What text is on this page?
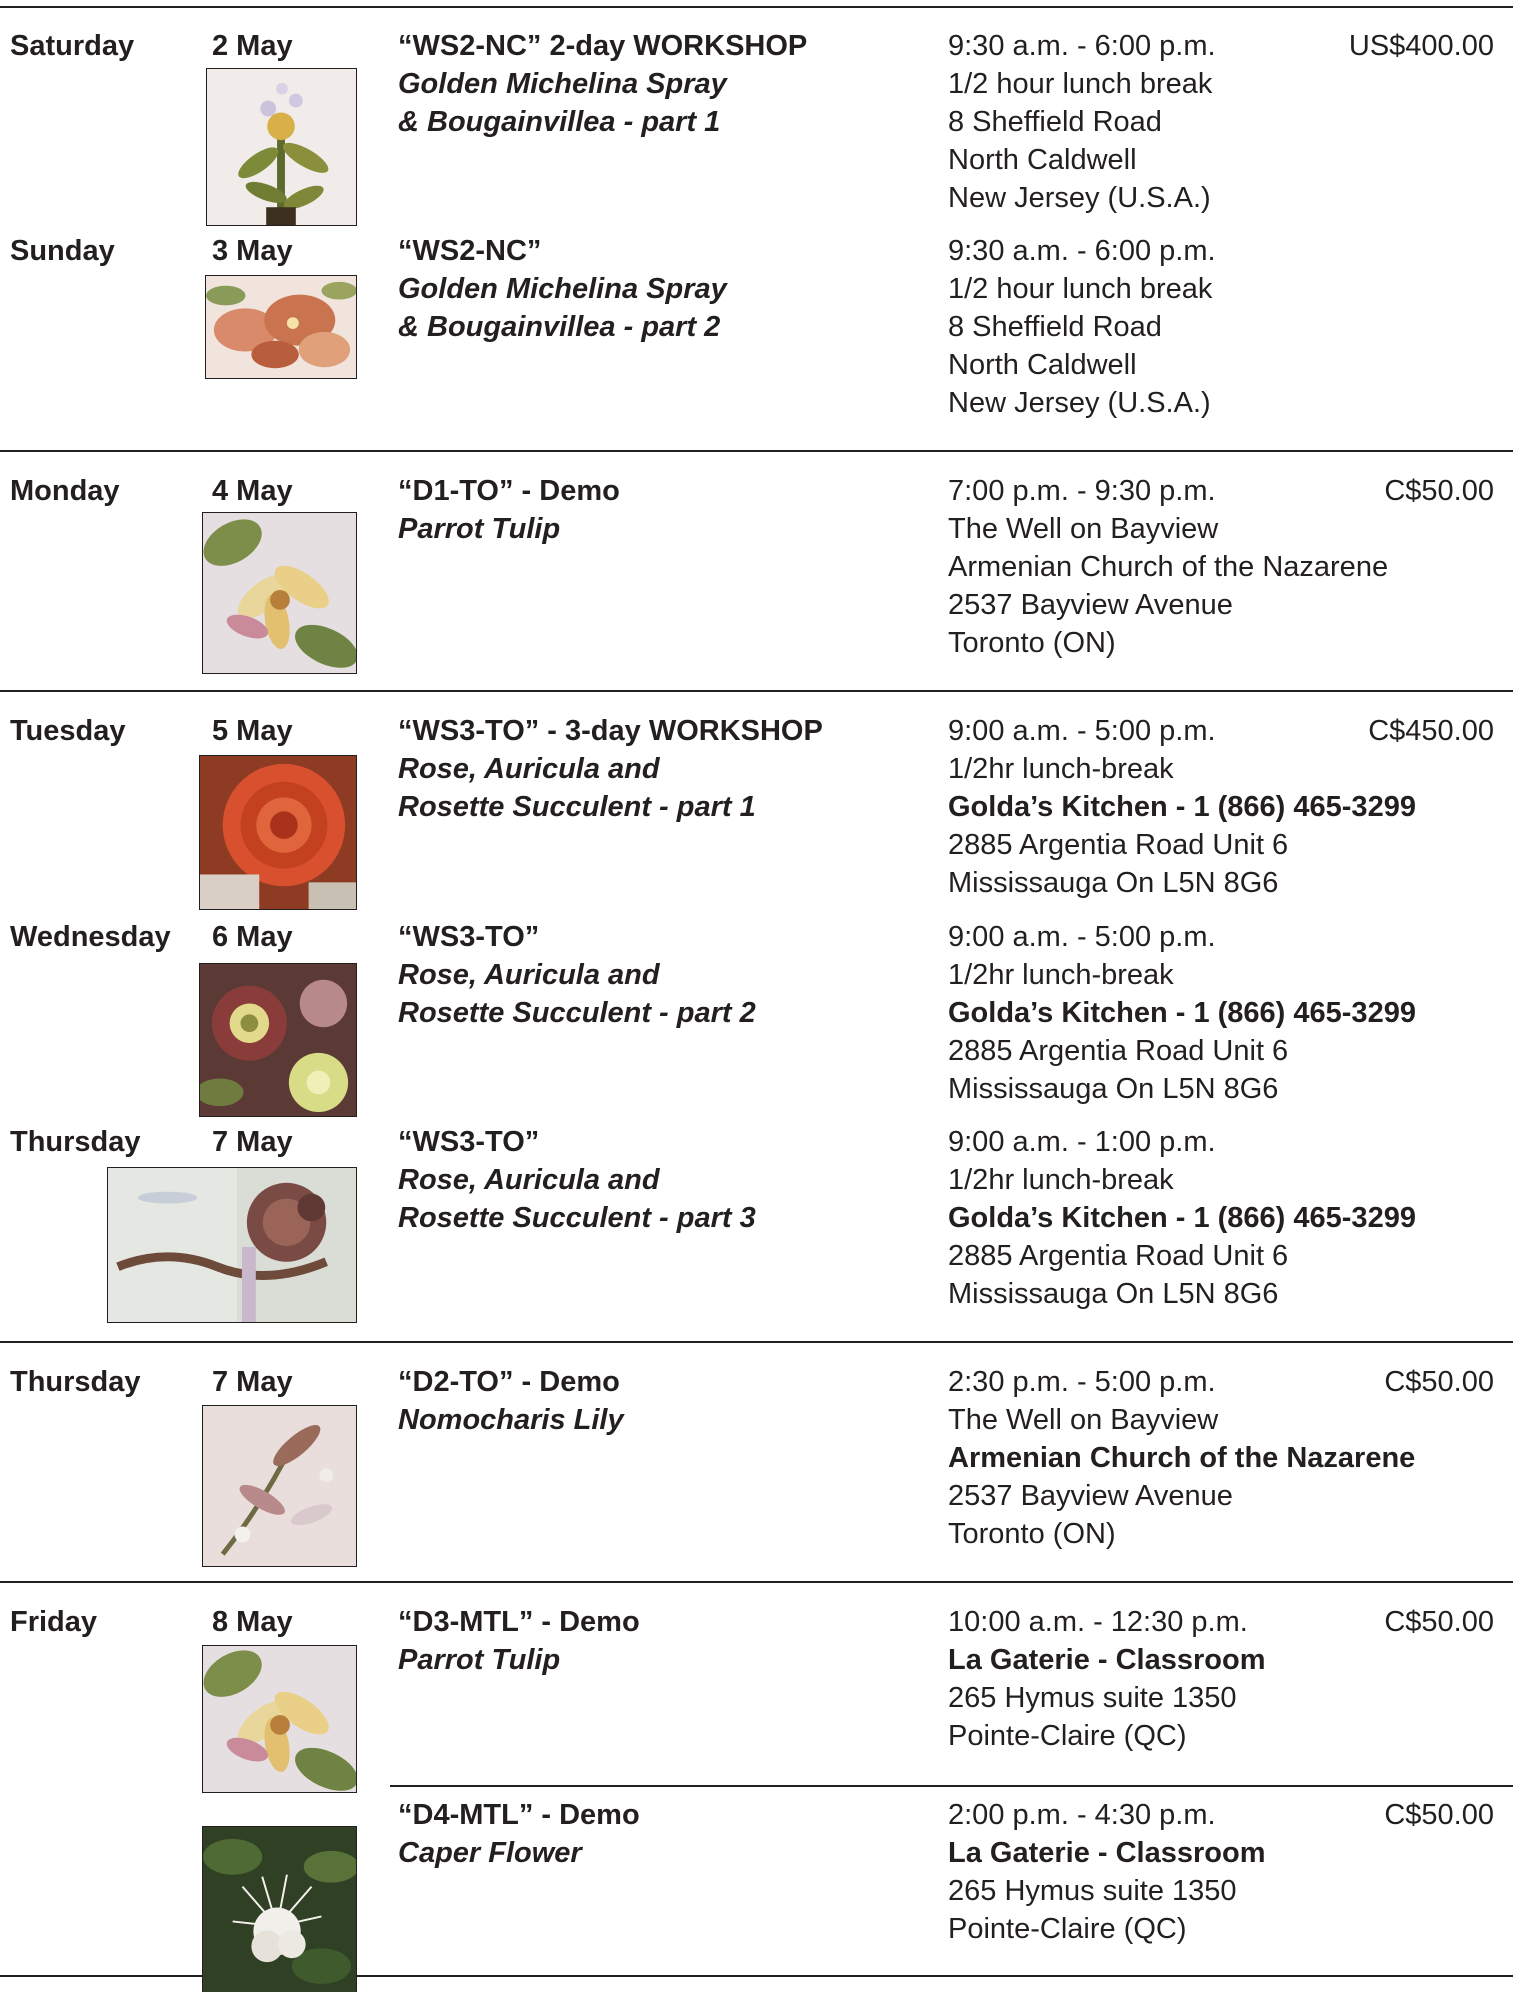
Saturday	2 May	“WS2-NC” 2-day WORKSHOP
Golden Michelina Spray
& Bougainvillea - part 1
9:30 a.m. - 6:00 p.m.	US$400.00
1/2 hour lunch break
8 Sheffield Road
North Caldwell
New Jersey (U.S.A.)
Sunday	3 May	“WS2-NC”
Golden Michelina Spray
& Bougainvillea - part 2
9:30 a.m. - 6:00 p.m.
1/2 hour lunch break
8 Sheffield Road
North Caldwell
New Jersey (U.S.A.)
Monday	4 May	“D1-TO” - Demo
Parrot Tulip
7:00 p.m. - 9:30 p.m.	C$50.00
The Well on Bayview
Armenian Church of the Nazarene
2537 Bayview Avenue
Toronto (ON)
Tuesday	5 May	“WS3-TO” - 3-day WORKSHOP
Rose, Auricula and
Rosette Succulent - part 1
9:00 a.m. - 5:00 p.m.	C$450.00
1/2hr lunch-break
Golda’s Kitchen - 1 (866) 465-3299
2885 Argentia Road Unit 6
Mississauga On L5N 8G6
Wednesday 6 May	“WS3-TO”
Rose, Auricula and
Rosette Succulent - part 2
9:00 a.m. - 5:00 p.m.
1/2hr lunch-break
Golda’s Kitchen - 1 (866) 465-3299
2885 Argentia Road Unit 6
Mississauga On L5N 8G6
Thursday 7 May	“WS3-TO”
Rose, Auricula and
Rosette Succulent - part 3
9:00 a.m. - 1:00 p.m.
1/2hr lunch-break
Golda’s Kitchen - 1 (866) 465-3299
2885 Argentia Road Unit 6
Mississauga On L5N 8G6
Thursday 7 May	“D2-TO” - Demo
Nomocharis Lily
2:30 p.m. - 5:00 p.m.	C$50.00
The Well on Bayview
Armenian Church of the Nazarene
2537 Bayview Avenue
Toronto (ON)
Friday	8 May	“D3-MTL” - Demo
Parrot Tulip
10:00 a.m. - 12:30 p.m.	C$50.00
La Gaterie - Classroom
265 Hymus suite 1350
Pointe-Claire (QC)
“D4-MTL” - Demo
Caper Flower
2:00 p.m. - 4:30 p.m.	C$50.00
La Gaterie - Classroom
265 Hymus suite 1350
Pointe-Claire (QC)
